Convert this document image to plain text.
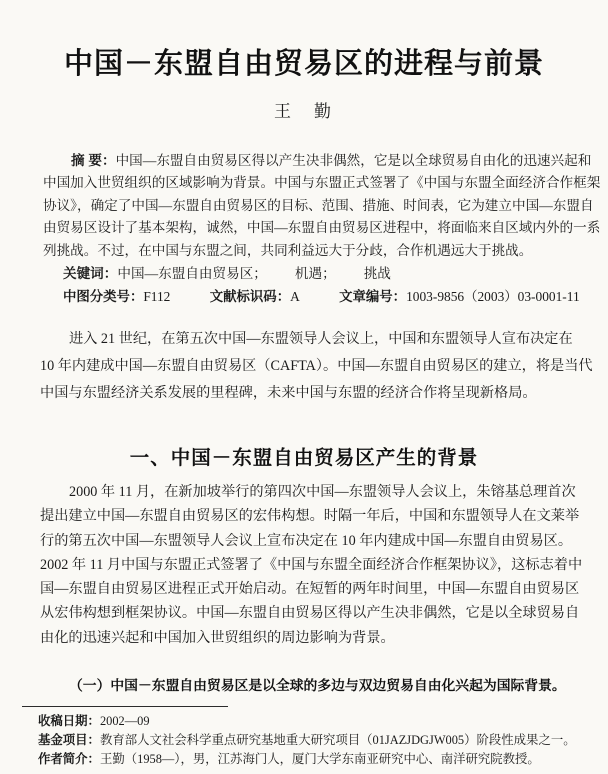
中国－东盟自由贸易区的进程与前景
王　勤
摘 要：中国—东盟自由贸易区得以产生决非偶然，它是以全球贸易自由化的迅速兴起和
中国加入世贸组织的区域影响为背景。中国与东盟正式签署了《中国与东盟全面经济合作框架
协议》，确定了中国—东盟自由贸易区的目标、范围、措施、时间表，它为建立中国—东盟自
由贸易区设计了基本架构，诚然，中国—东盟自由贸易区进程中，将面临来自区域内外的一系
列挑战。不过，在中国与东盟之间，共同利益远大于分歧，合作机遇远大于挑战。
关键词：中国—东盟自由贸易区； 机遇； 挑战
中图分类号：F112	文献标识码：A	文章编号：1003-9856（2003）03-0001-11
进入 21 世纪，在第五次中国—东盟领导人会议上，中国和东盟领导人宣布决定在
10 年内建成中国—东盟自由贸易区（CAFTA）。中国—东盟自由贸易区的建立，将是当代
中国与东盟经济关系发展的里程碑，未来中国与东盟的经济合作将呈现新格局。
一、中国－东盟自由贸易区产生的背景
2000 年 11 月，在新加坡举行的第四次中国—东盟领导人会议上，朱镕基总理首次
提出建立中国—东盟自由贸易区的宏伟构想。时隔一年后，中国和东盟领导人在文莱举
行的第五次中国—东盟领导人会议上宣布决定在 10 年内建成中国—东盟自由贸易区。
2002 年 11 月中国与东盟正式签署了《中国与东盟全面经济合作框架协议》，这标志着中
国—东盟自由贸易区进程正式开始启动。在短暂的两年时间里，中国—东盟自由贸易区
从宏伟构想到框架协议。中国—东盟自由贸易区得以产生决非偶然，它是以全球贸易自
由化的迅速兴起和中国加入世贸组织的周边影响为背景。
（一）中国－东盟自由贸易区是以全球的多边与双边贸易自由化兴起为国际背景。
收稿日期：2002—09
基金项目：教育部人文社会科学重点研究基地重大研究项目（01JAZJDGJW005）阶段性成果之一。
作者简介：王勤（1958—），男，江苏海门人，厦门大学东南亚研究中心、南洋研究院教授。
